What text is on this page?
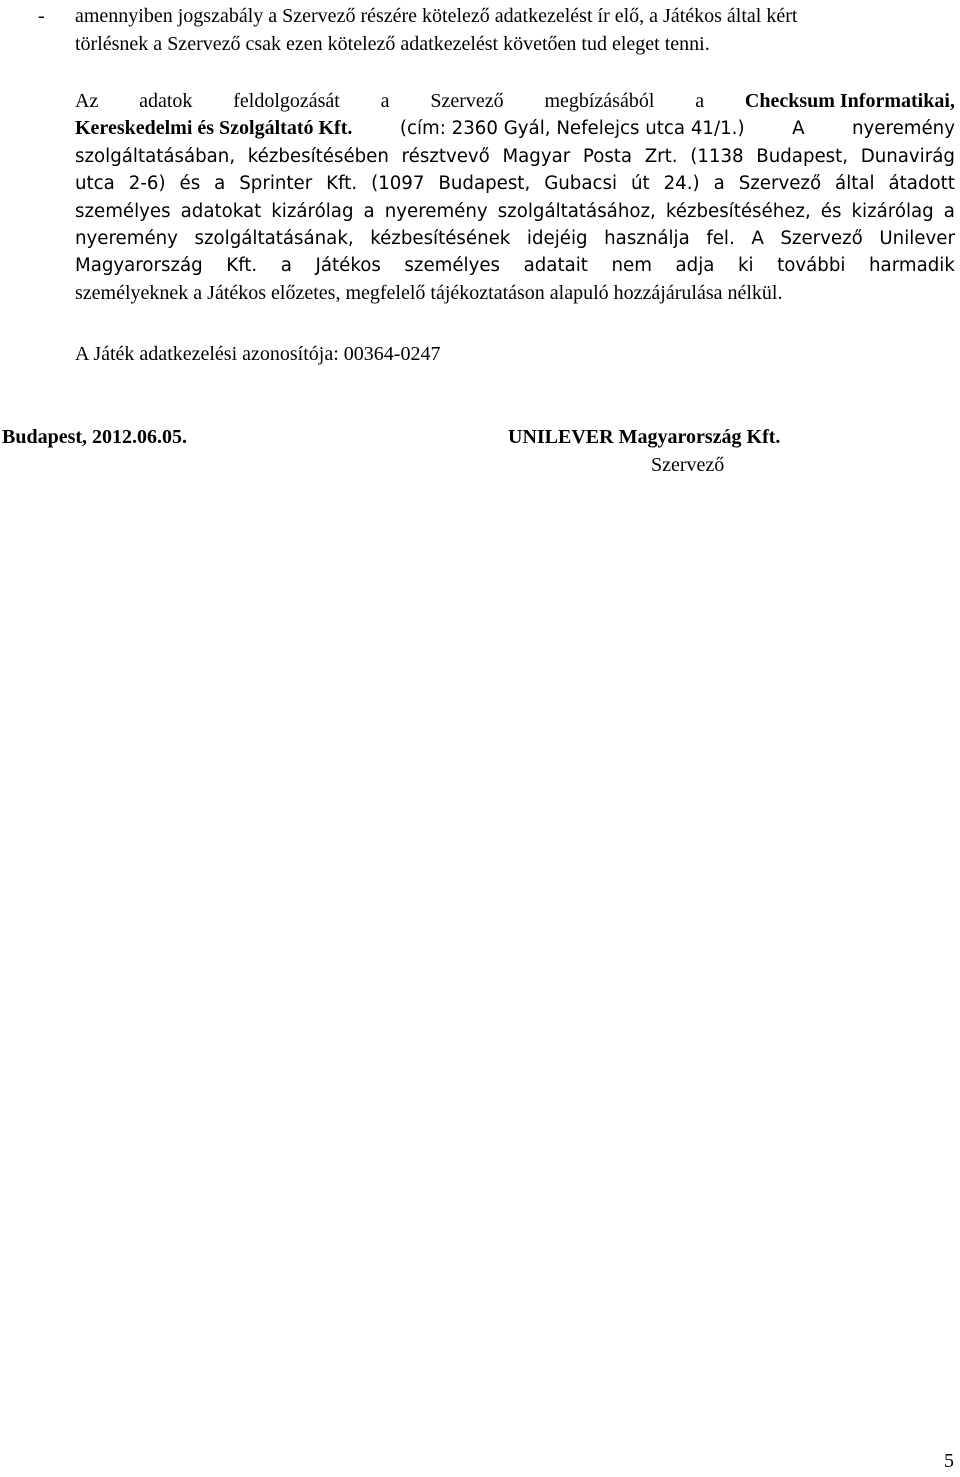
- amennyiben jogszabály a Szervező részére kötelező adatkezelést ír elő, a Játékos által kért
törlésnek a Szervező csak ezen kötelező adatkezelést követően tud eleget tenni.
Az adatok feldolgozását a Szervező megbízásából a Checksum Informatikai,
Kereskedelmi és Szolgáltató Kft.	(cím: 2360 Gyál, Nefelejcs utca 41/1.)	A	nyeremény
szolgáltatásában, kézbesítésében résztvevő Magyar Posta Zrt. (1138 Budapest, Dunavirág
utca 2-6) és a Sprinter Kft. (1097 Budapest, Gubacsi út 24.) a Szervező által átadott
személyes adatokat kizárólag a nyeremény szolgáltatásához, kézbesítéséhez, és kizárólag a
nyeremény szolgáltatásának, kézbesítésének idejéig használja fel. A Szervező Unilever
Magyarország Kft. a Játékos személyes adatait nem adja ki további harmadik
személyeknek a Játékos előzetes, megfelelő tájékoztatáson alapuló hozzájárulása nélkül.
A Játék adatkezelési azonosítója: 00364-0247
Budapest, 2012.06.05.	UNILEVER Magyarország Kft.
Szervező
5
